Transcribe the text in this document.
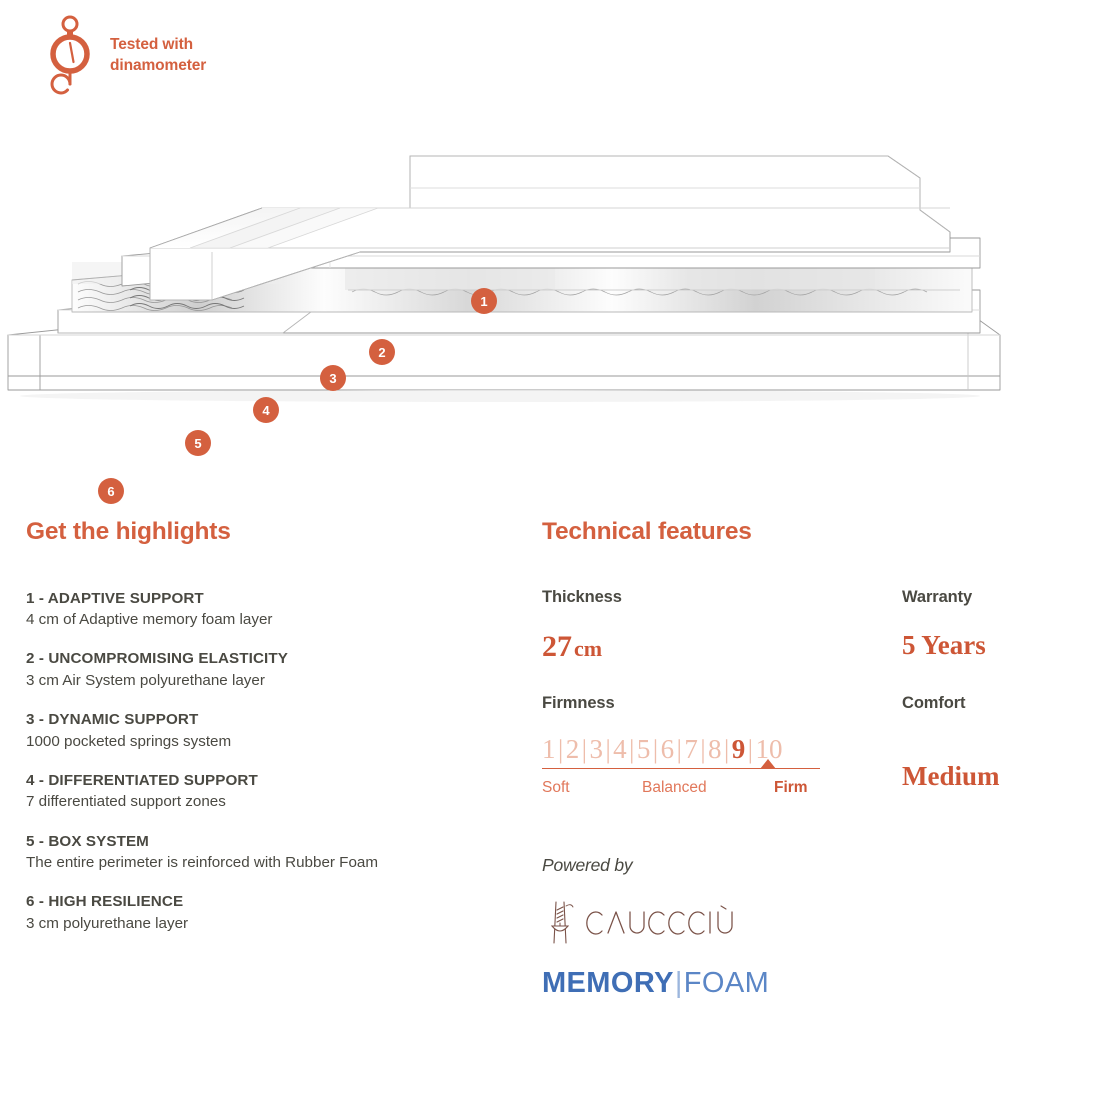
Tested with
dinamometer
1
2
3
4
5
6
Get the highlights
1 - ADAPTIVE SUPPORT
4 cm of Adaptive memory foam layer
2 - UNCOMPROMISING ELASTICITY
3 cm Air System polyurethane layer
3 - DYNAMIC SUPPORT
1000 pocketed springs system
4 - DIFFERENTIATED SUPPORT
7 differentiated support zones
5 - BOX SYSTEM
The entire perimeter is reinforced with Rubber Foam
6 - HIGH RESILIENCE
3 cm polyurethane layer
Technical features
Thickness	Warranty
27cm	5 Years
Firmness	Comfort
1 | 2 | 3 | 4 | 5 | 6 | 7 | 8 | 9 | 10
Soft	Balanced	Firm	Medium
Powered by
MEMORY|FOAM
